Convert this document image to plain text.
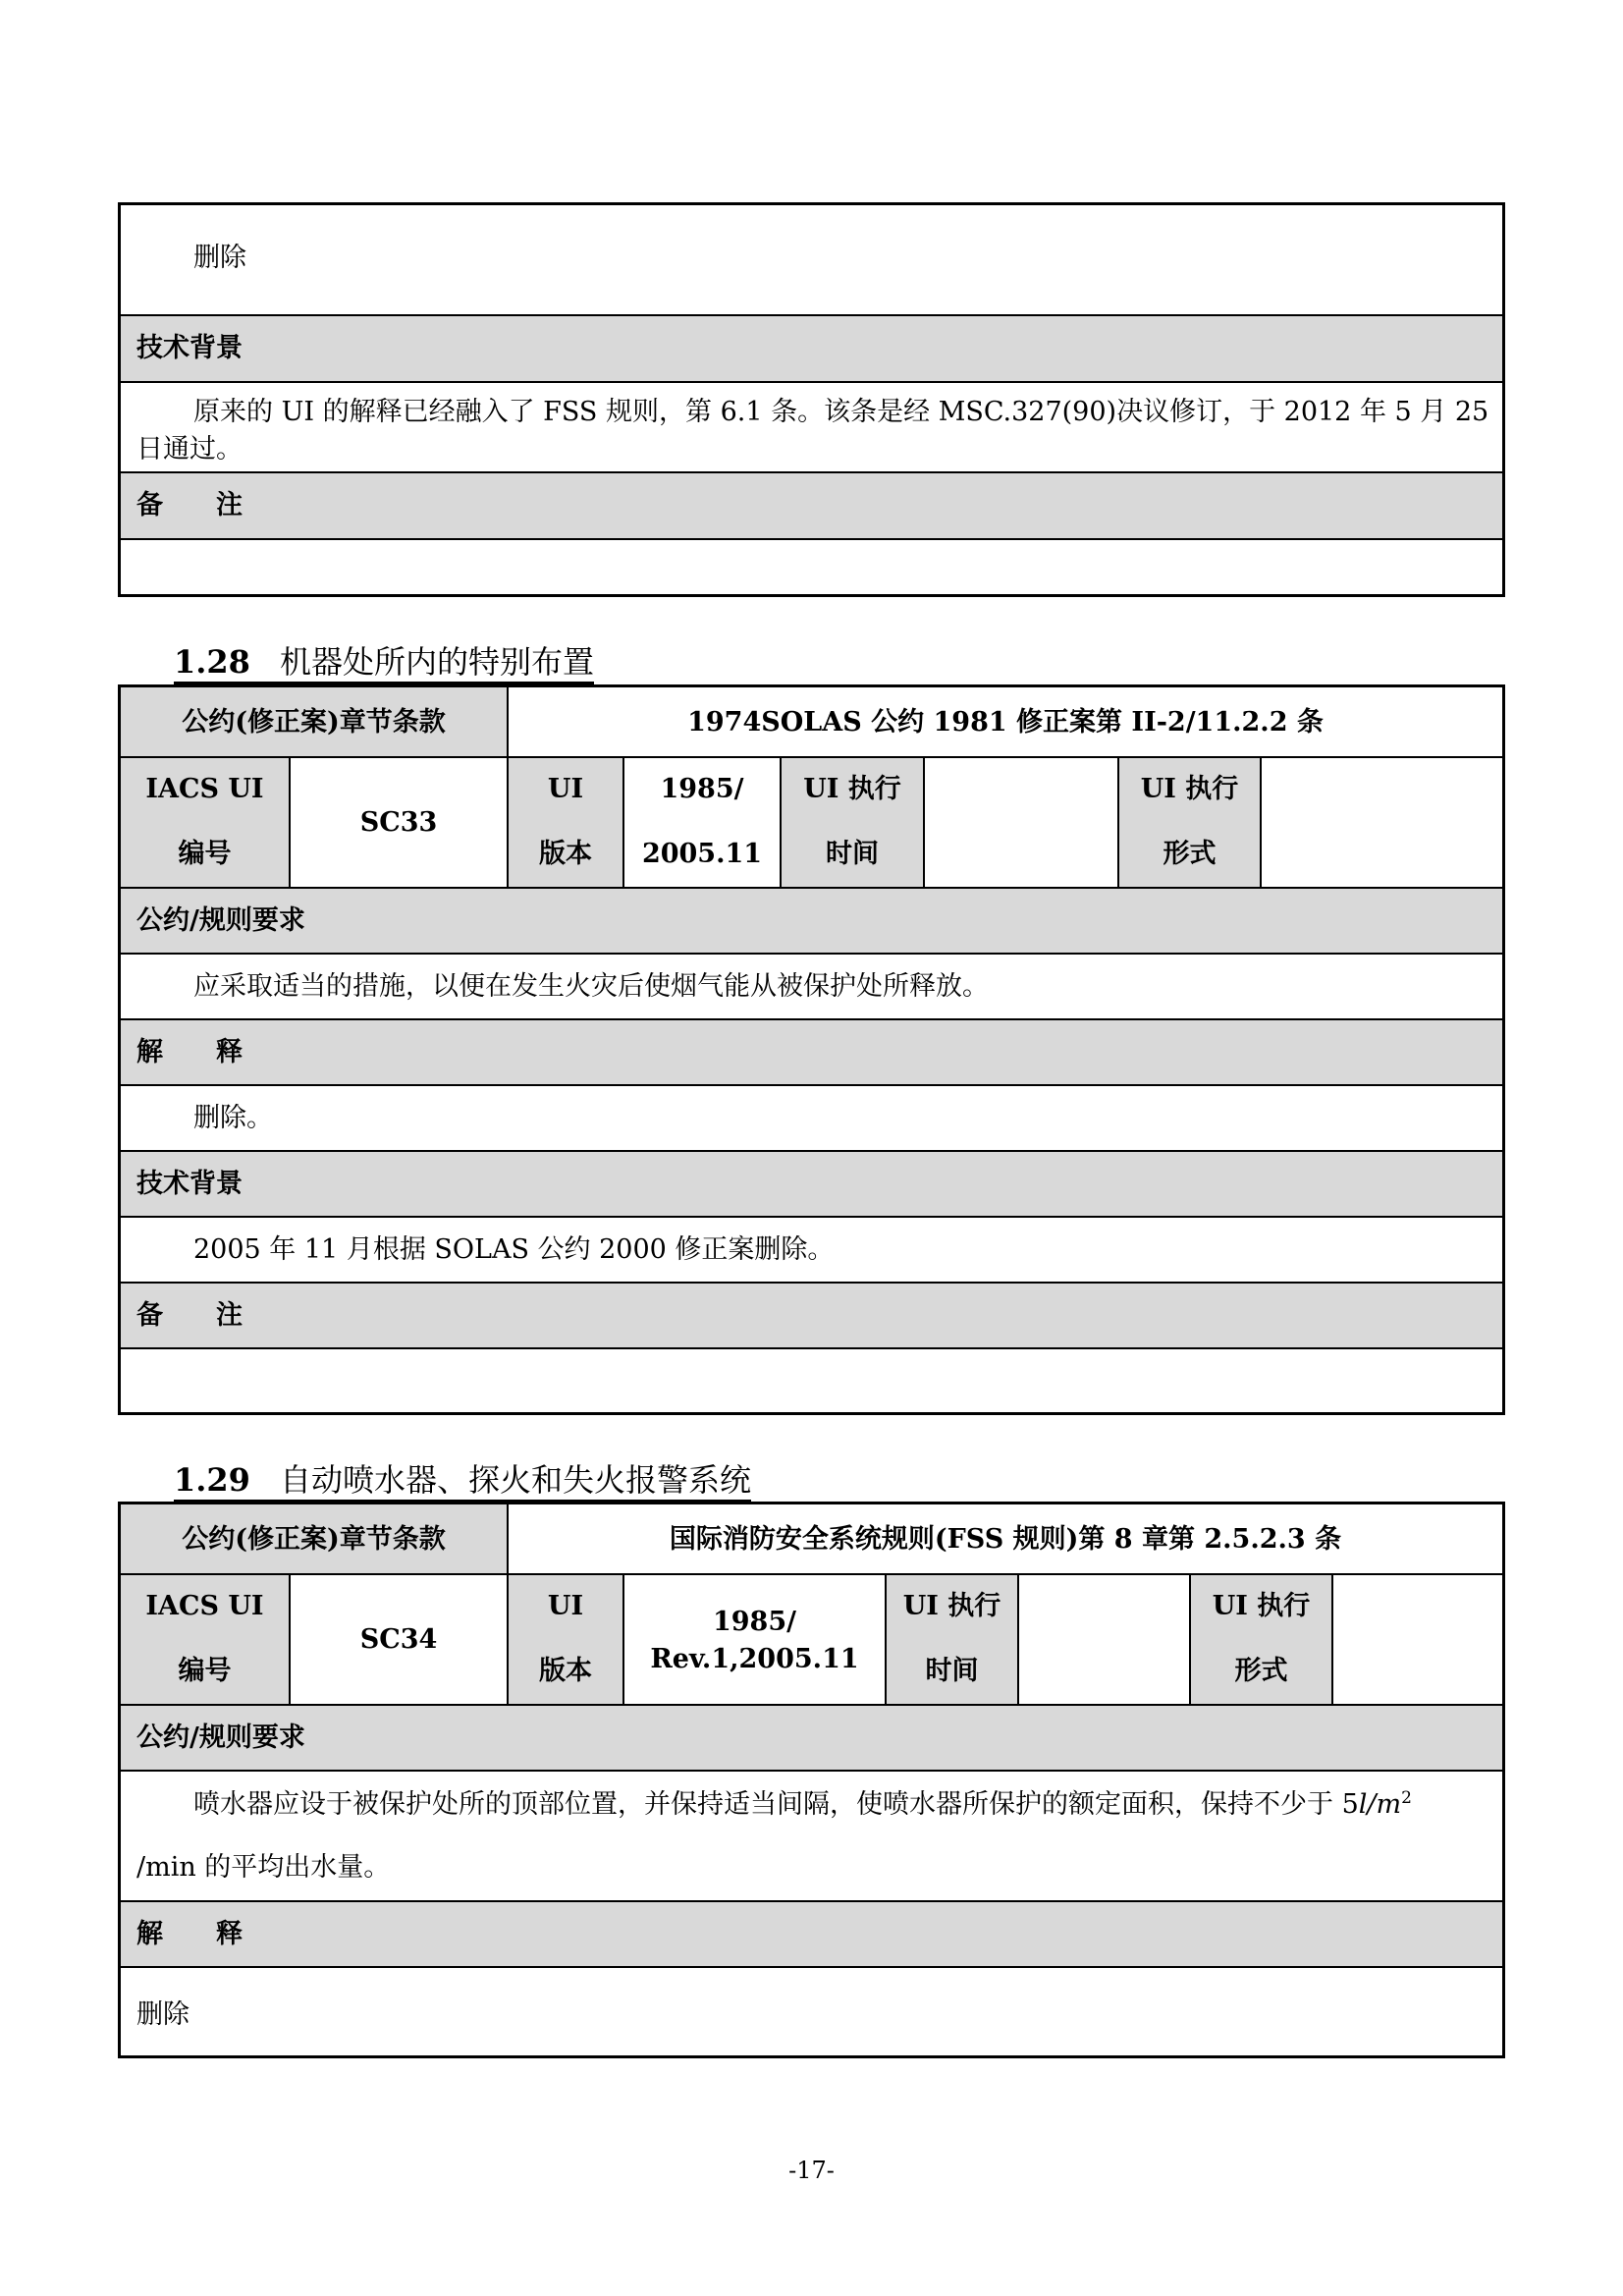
删除
技术背景
原来的 UI 的解释已经融入了 FSS 规则，第 6.1 条。该条是经 MSC.327(90)决议修订，于 2012 年 5 月 25
日通过。
备　　注
1.28 机器处所内的特别布置
公约(修正案)章节条款	1974SOLAS 公约 1981 修正案第 II-2/11.2.2 条
IACS UI
编号
SC33
UI
版本
1985/
2005.11
UI 执行
时间
UI 执行
形式
公约/规则要求
应采取适当的措施，以便在发生火灾后使烟气能从被保护处所释放。
解　　释
删除。
技术背景
2005 年 11 月根据 SOLAS 公约 2000 修正案删除。
备　　注
1.29 自动喷水器、探火和失火报警系统
公约(修正案)章节条款	国际消防安全系统规则(FSS 规则)第 8 章第 2.5.2.3 条
IACS UI
编号
SC34
UI
版本
1985/
Rev.1,2005.11
UI 执行
时间
UI 执行
形式
公约/规则要求
喷水器应设于被保护处所的顶部位置，并保持适当间隔，使喷水器所保护的额定面积，保持不少于 $5l/m^2$
/min 的平均出水量。
解　　释
删除
-17-
